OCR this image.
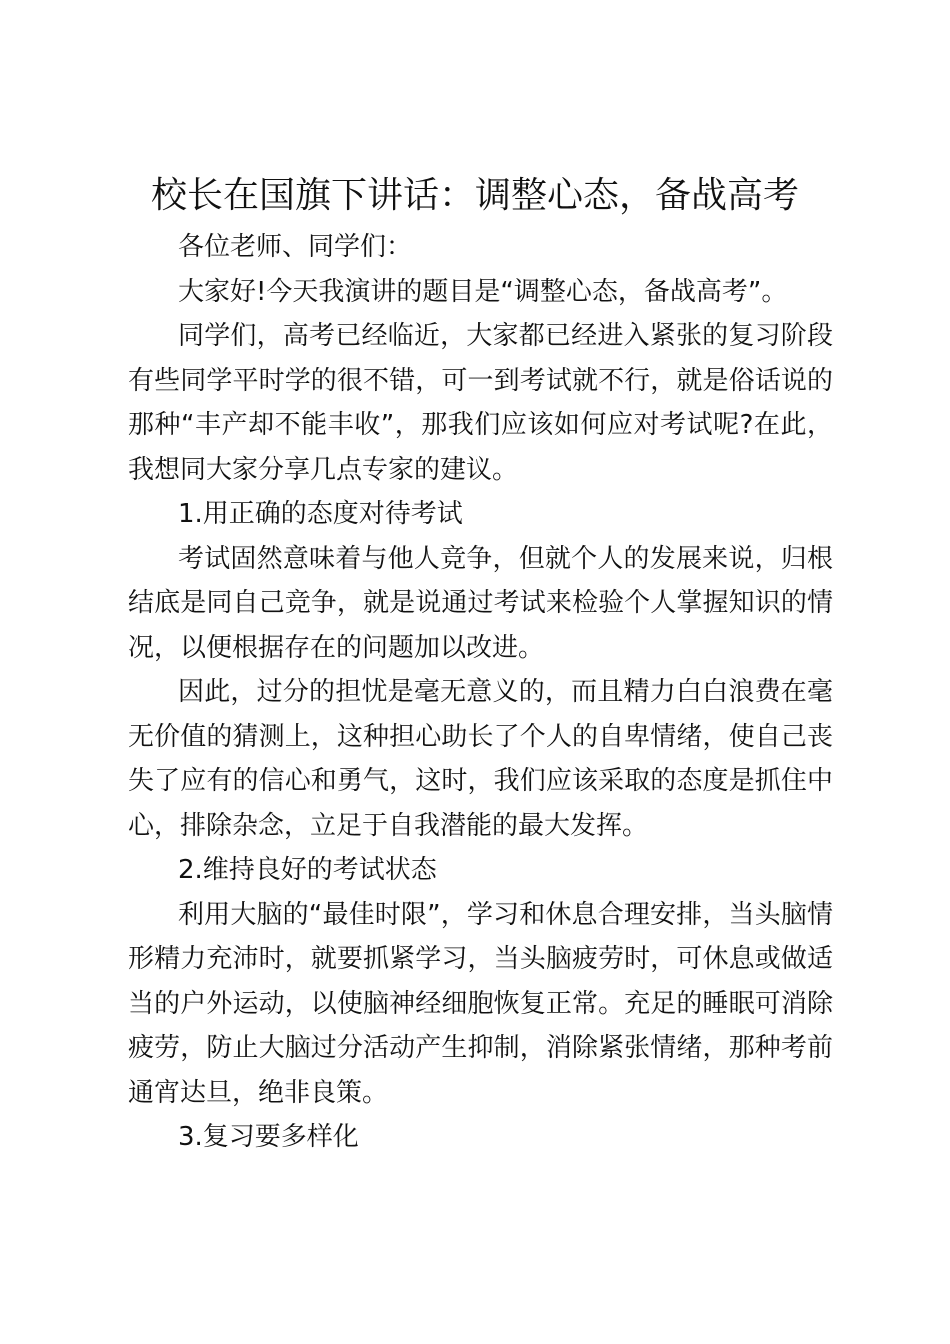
校长在国旗下讲话：调整心态，备战高考

各位老师、同学们：

大家好!今天我演讲的题目是“调整心态，备战高考”。

同学们，高考已经临近，大家都已经进入紧张的复习阶段有些同学平时学的很不错，可一到考试就不行，就是俗话说的那种“丰产却不能丰收”，那我们应该如何应对考试呢?在此，我想同大家分享几点专家的建议。

1.用正确的态度对待考试

考试固然意味着与他人竞争，但就个人的发展来说，归根结底是同自己竞争，就是说通过考试来检验个人掌握知识的情况，以便根据存在的问题加以改进。

因此，过分的担忧是毫无意义的，而且精力白白浪费在毫无价值的猜测上，这种担心助长了个人的自卑情绪，使自己丧失了应有的信心和勇气，这时，我们应该采取的态度是抓住中心，排除杂念，立足于自我潜能的最大发挥。

2.维持良好的考试状态

利用大脑的“最佳时限”，学习和休息合理安排，当头脑情形精力充沛时，就要抓紧学习，当头脑疲劳时，可休息或做适当的户外运动，以使脑神经细胞恢复正常。充足的睡眠可消除疲劳，防止大脑过分活动产生抑制，消除紧张情绪，那种考前通宵达旦，绝非良策。

3.复习要多样化
